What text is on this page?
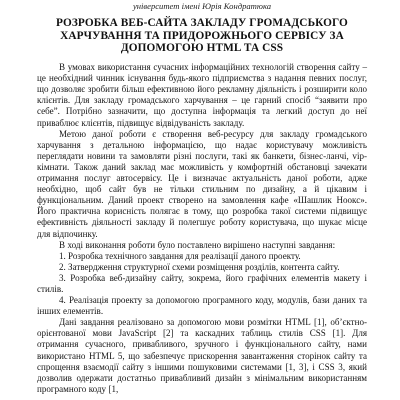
університет імені Юрія Кондратюка

РОЗРОБКА ВЕБ-САЙТА ЗАКЛАДУ ГРОМАДСЬКОГО ХАРЧУВАННЯ ТА ПРИДОРОЖНЬОГО СЕРВІСУ ЗА ДОПОМОГОЮ HTML ТА CSS

В умовах використання сучасних інформаційних технологій створення сайту – це необхідний чинник існування будь-якого підприємства з надання певних послуг, що дозволяє зробити більш ефективною його рекламну діяльність і розширити коло клієнтів. Для закладу громадського харчування – це гарний спосіб “заявити про себе”. Потрібно зазначити, що доступна інформація та легкий доступ до неї приваблює клієнтів, підвищує відвідуваність закладу.

Метою даної роботи є створення веб-ресурсу для закладу громадського харчування з детальною інформацією, що надає користувачу можливість переглядати новини та замовляти різні послуги, такі як банкети, бізнес-ланчі, vip-кімнати. Також даний заклад має можливість у комфортній обстановці зачекати отримання послуг автосервісу. Це і визначає актуальність даної роботи, адже необхідно, щоб сайт був не тільки стильним по дизайну, а й цікавим і функціональним. Даний проект створено на замовлення кафе «Шашлик Ноокс». Його практична корисність полягає в тому, що розробка такої системи підвищує ефективність діяльності закладу й полегшує роботу користувача, що шукає місце для відпочинку.

В ході виконання роботи було поставлено вирішено наступні завдання:

1. Розробка технічного завдання для реалізації даного проекту.

2. Затвердження структурної схеми розміщення розділів, контента сайту.

3. Розробка веб-дизайну сайту, зокрема, його графічних елементів макету і стилів.

4. Реалізація проекту за допомогою програмного коду, модулів, бази даних та інших елементів.

Дані завдання реалізовано за допомогою мови розмітки HTML [1], об’єктно-орієнтованої мови JavaScript [2] та каскадних таблиць стилів CSS [1]. Для отримання сучасного, привабливого, зручного і функціонального сайту, нами використано HTML 5, що забезпечує прискорення завантаження сторінок сайту та спрощення взаємодії сайту з іншими пошуковими системами [1, 3], і CSS 3, який дозволив одержати достатньо привабливий дизайн з мінімальним використанням програмного коду [1,
